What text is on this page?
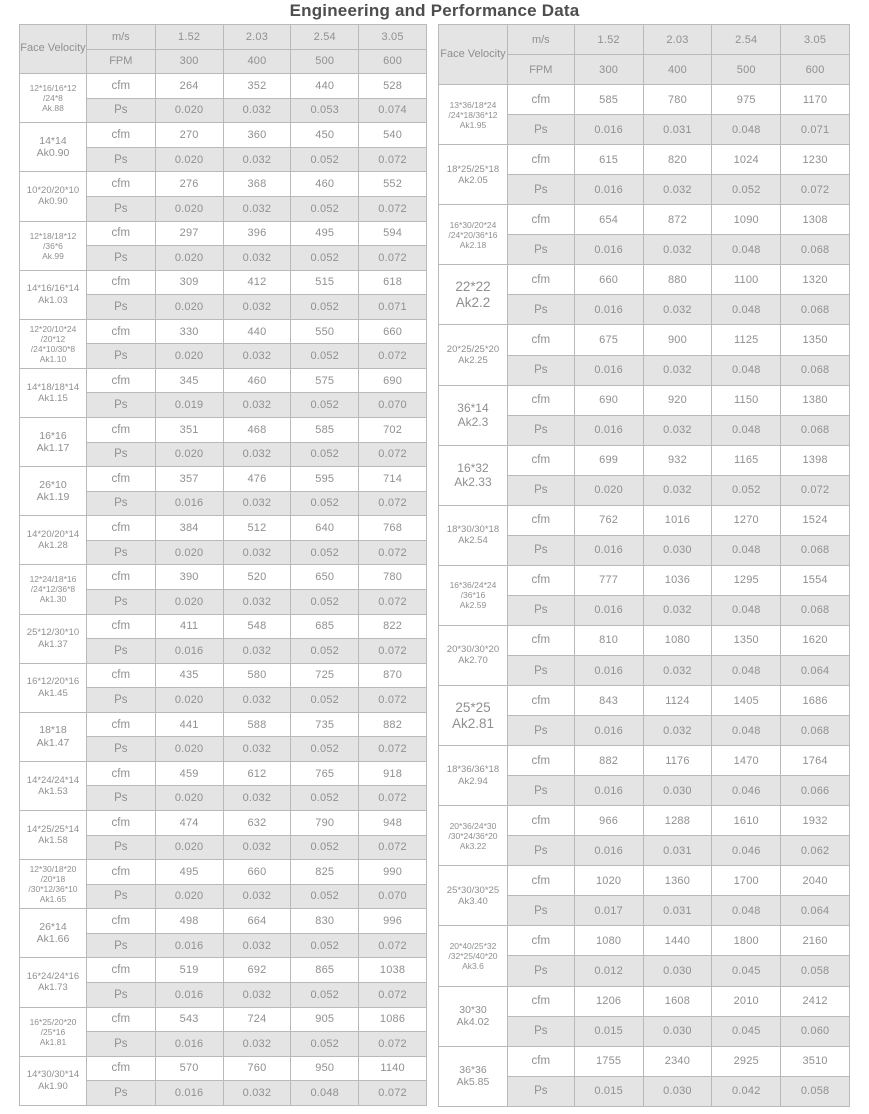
Engineering and Performance Data
Face Velocity	m/s	1.52	2.03	2.54	3.05
	FPM	300	400	500	600

12*16/16*12
/24*8
Ak.88	cfm	264	352	440	528
	Ps	0.020	0.032	0.053	0.074

14*14
Ak0.90	cfm	270	360	450	540
	Ps	0.020	0.032	0.052	0.072

10*20/20*10
Ak0.90	cfm	276	368	460	552
	Ps	0.020	0.032	0.052	0.072

12*18/18*12
/36*6
Ak.99	cfm	297	396	495	594
	Ps	0.020	0.032	0.052	0.072

14*16/16*14
Ak1.03	cfm	309	412	515	618
	Ps	0.020	0.032	0.052	0.071

12*20/10*24
/20*12
/24*10/30*8
Ak1.10	cfm	330	440	550	660
	Ps	0.020	0.032	0.052	0.072

14*18/18*14
Ak1.15	cfm	345	460	575	690
	Ps	0.019	0.032	0.052	0.070

16*16
Ak1.17	cfm	351	468	585	702
	Ps	0.020	0.032	0.052	0.072

26*10
Ak1.19	cfm	357	476	595	714
	Ps	0.016	0.032	0.052	0.072

14*20/20*14
Ak1.28	cfm	384	512	640	768
	Ps	0.020	0.032	0.052	0.072

12*24/18*16
/24*12/36*8
Ak1.30	cfm	390	520	650	780
	Ps	0.020	0.032	0.052	0.072

25*12/30*10
Ak1.37	cfm	411	548	685	822
	Ps	0.016	0.032	0.052	0.072

16*12/20*16
Ak1.45	cfm	435	580	725	870
	Ps	0.020	0.032	0.052	0.072

18*18
Ak1.47	cfm	441	588	735	882
	Ps	0.020	0.032	0.052	0.072

14*24/24*14
Ak1.53	cfm	459	612	765	918
	Ps	0.020	0.032	0.052	0.072

14*25/25*14
Ak1.58	cfm	474	632	790	948
	Ps	0.020	0.032	0.052	0.072

12*30/18*20
/20*18
/30*12/36*10
Ak1.65	cfm	495	660	825	990
	Ps	0.020	0.032	0.052	0.070

26*14
Ak1.66	cfm	498	664	830	996
	Ps	0.016	0.032	0.052	0.072

16*24/24*16
Ak1.73	cfm	519	692	865	1038
	Ps	0.016	0.032	0.052	0.072

16*25/20*20
/25*16
Ak1.81	cfm	543	724	905	1086
	Ps	0.016	0.032	0.052	0.072

14*30/30*14
Ak1.90	cfm	570	760	950	1140
	Ps	0.016	0.032	0.048	0.072
Face Velocity	m/s	1.52	2.03	2.54	3.05
	FPM	300	400	500	600

13*36/18*24
/24*18/36*12
Ak1.95	cfm	585	780	975	1170
	Ps	0.016	0.031	0.048	0.071

18*25/25*18
Ak2.05	cfm	615	820	1024	1230
	Ps	0.016	0.032	0.052	0.072

16*30/20*24
/24*20/36*16
Ak2.18	cfm	654	872	1090	1308
	Ps	0.016	0.032	0.048	0.068

22*22
Ak2.2	cfm	660	880	1100	1320
	Ps	0.016	0.032	0.048	0.068

20*25/25*20
Ak2.25	cfm	675	900	1125	1350
	Ps	0.016	0.032	0.048	0.068

36*14
Ak2.3	cfm	690	920	1150	1380
	Ps	0.016	0.032	0.048	0.068

16*32
Ak2.33	cfm	699	932	1165	1398
	Ps	0.020	0.032	0.052	0.072

18*30/30*18
Ak2.54	cfm	762	1016	1270	1524
	Ps	0.016	0.030	0.048	0.068

16*36/24*24
/36*16
Ak2.59	cfm	777	1036	1295	1554
	Ps	0.016	0.032	0.048	0.068

20*30/30*20
Ak2.70	cfm	810	1080	1350	1620
	Ps	0.016	0.032	0.048	0.064

25*25
Ak2.81	cfm	843	1124	1405	1686
	Ps	0.016	0.032	0.048	0.068

18*36/36*18
Ak2.94	cfm	882	1176	1470	1764
	Ps	0.016	0.030	0.046	0.066

20*36/24*30
/30*24/36*20
Ak3.22	cfm	966	1288	1610	1932
	Ps	0.016	0.031	0.046	0.062

25*30/30*25
Ak3.40	cfm	1020	1360	1700	2040
	Ps	0.017	0.031	0.048	0.064

20*40/25*32
/32*25/40*20
Ak3.6	cfm	1080	1440	1800	2160
	Ps	0.012	0.030	0.045	0.058

30*30
Ak4.02	cfm	1206	1608	2010	2412
	Ps	0.015	0.030	0.045	0.060

36*36
Ak5.85	cfm	1755	2340	2925	3510
	Ps	0.015	0.030	0.042	0.058
